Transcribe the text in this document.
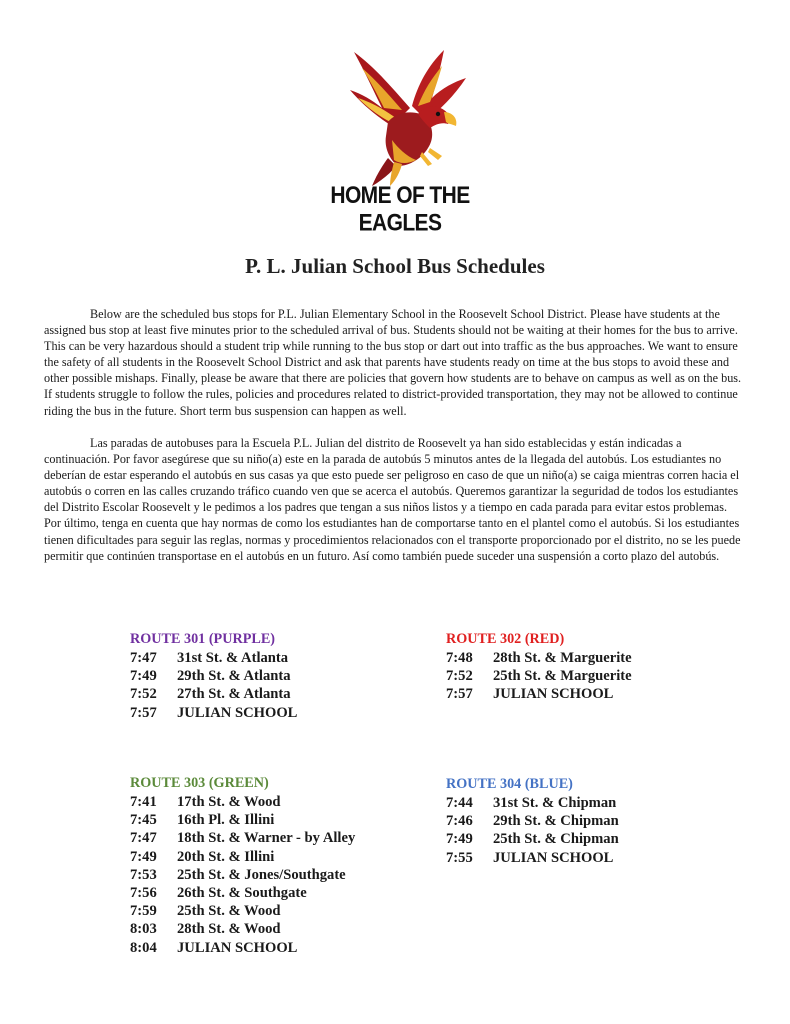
HOME OF THE EAGLES
P. L. Julian School Bus Schedules

Below are the scheduled bus stops for P.L. Julian Elementary School in the Roosevelt School District. Please have students at the assigned bus stop at least five minutes prior to the scheduled arrival of bus. Students should not be waiting at their homes for the bus to arrive. This can be very hazardous should a student trip while running to the bus stop or dart out into traffic as the bus approaches. We want to ensure the safety of all students in the Roosevelt School District and ask that parents have students ready on time at the bus stops to avoid these and other possible mishaps. Finally, please be aware that there are policies that govern how students are to behave on campus as well as on the bus. If students struggle to follow the rules, policies and procedures related to district-provided transportation, they may not be allowed to continue riding the bus in the future. Short term bus suspension can happen as well.

Las paradas de autobuses para la Escuela P.L. Julian del distrito de Roosevelt ya han sido establecidas y están indicadas a continuación. Por favor asegúrese que su niño(a) este en la parada de autobús 5 minutos antes de la llegada del autobús. Los estudiantes no deberían de estar esperando el autobús en sus casas ya que esto puede ser peligroso en caso de que un niño(a) se caiga mientras corren hacia el autobús o corren en las calles cruzando tráfico cuando ven que se acerca el autobús. Queremos garantizar la seguridad de todos los estudiantes del Distrito Escolar Roosevelt y le pedimos a los padres que tengan a sus niños listos y a tiempo en cada parada para evitar estos problemas. Por último, tenga en cuenta que hay normas de como los estudiantes han de comportarse tanto en el plantel como el autobús. Si los estudiantes tienen dificultades para seguir las reglas, normas y procedimientos relacionados con el transporte proporcionado por el distrito, no se les puede permitir que continúen transportase en el autobús en un futuro. Así como también puede suceder una suspensión a corto plazo del autobús.

ROUTE 301 (PURPLE)
7:47	31st St. & Atlanta
7:49	29th St. & Atlanta
7:52	27th St. & Atlanta
7:57	JULIAN SCHOOL
ROUTE 302 (RED)
7:48	28th St. & Marguerite
7:52	25th St. & Marguerite
7:57	JULIAN SCHOOL
ROUTE 303 (GREEN)
7:41	17th St. & Wood
7:45	16th Pl. & Illini
7:47	18th St. & Warner - by Alley
7:49	20th St. & Illini
7:53	25th St. & Jones/Southgate
7:56	26th St. & Southgate
7:59	25th St. & Wood
8:03	28th St. & Wood
8:04	JULIAN SCHOOL
ROUTE 304 (BLUE)
7:44	31st St. & Chipman
7:46	29th St. & Chipman
7:49	25th St. & Chipman
7:55	JULIAN SCHOOL
